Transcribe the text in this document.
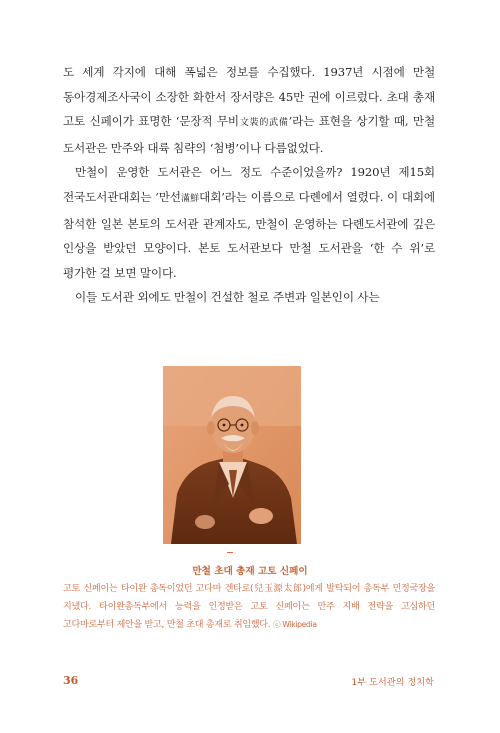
도 세계 각지에 대해 폭넓은 정보를 수집했다. 1937년 시점에 만철 동아경제조사국이 소장한 화한서 장서량은 45만 권에 이르렀다. 초대 총재 고토 신페이가 표명한 ‘문장적 무비文裝的武備’라는 표현을 상기할 때, 만철 도서관은 만주와 대륙 침략의 ‘첨병’이나 다름없었다.

만철이 운영한 도서관은 어느 정도 수준이었을까? 1920년 제15회 전국도서관대회는 ‘만선滿鮮대회’라는 이름으로 다롄에서 열렸다. 이 대회에 참석한 일본 본토의 도서관 관계자도, 만철이 운영하는 다롄도서관에 깊은 인상을 받았던 모양이다. 본토 도서관보다 만철 도서관을 ‘한 수 위’로 평가한 걸 보면 말이다.

이들 도서관 외에도 만철이 건설한 철로 주변과 일본인이 사는

만철 초대 총재 고토 신페이

고토 신페이는 타이완 총독이었던 고다마 겐타로(兒玉源太郎)에게 발탁되어 총독부 민정국장을 지냈다. 타이완총독부에서 능력을 인정받은 고토 신페이는 만주 지배 전략을 고심하던 고다마로부터 제안을 받고, 만철 초대 총재로 취임했다. ⓒ Wikipedia

36	1부 도서관의 정치학
